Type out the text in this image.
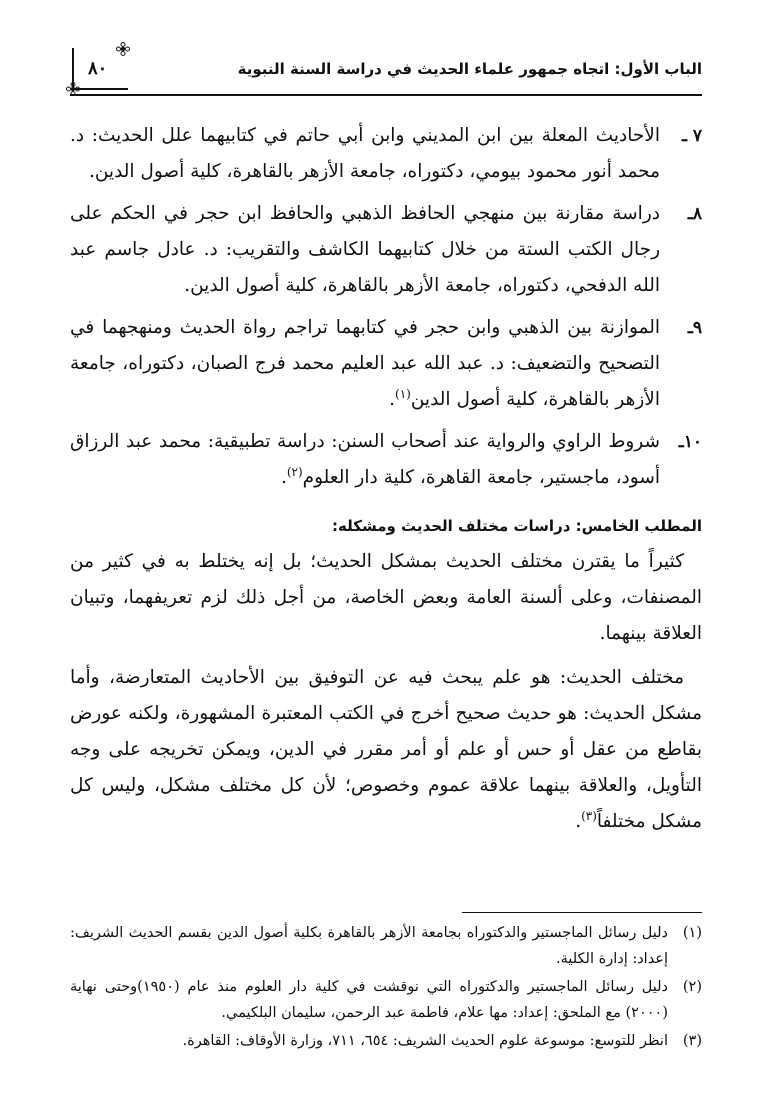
الباب الأول: اتجاه جمهور علماء الحديث في دراسة السنة النبوية
٨٠
٧ ـ
الأحاديث المعلة بين ابن المديني وابن أبي حاتم في كتابيهما علل الحديث: د. محمد أنور محمود بيومي، دكتوراه، جامعة الأزهر بالقاهرة، كلية أصول الدين.
٨ـ
دراسة مقارنة بين منهجي الحافظ الذهبي والحافظ ابن حجر في الحكم على رجال الكتب الستة من خلال كتابيهما الكاشف والتقريب: د. عادل جاسم عبد الله الدفحي، دكتوراه، جامعة الأزهر بالقاهرة، كلية أصول الدين.
٩ـ
الموازنة بين الذهبي وابن حجر في كتابهما تراجم رواة الحديث ومنهجهما في التصحيح والتضعيف: د. عبد الله عبد العليم محمد فرج الصبان، دكتوراه، جامعة الأزهر بالقاهرة، كلية أصول الدين$^{(١)}$.
١٠ـ
شروط الراوي والرواية عند أصحاب السنن: دراسة تطبيقية: محمد عبد الرزاق أسود، ماجستير، جامعة القاهرة، كلية دار العلوم$^{(٢)}$.
المطلب الخامس: دراسات مختلف الحديث ومشكله:

كثيراً ما يقترن مختلف الحديث بمشكل الحديث؛ بل إنه يختلط به في كثير من المصنفات، وعلى ألسنة العامة وبعض الخاصة، من أجل ذلك لزم تعريفهما، وتبيان العلاقة بينهما.

مختلف الحديث: هو علم يبحث فيه عن التوفيق بين الأحاديث المتعارضة، وأما مشكل الحديث: هو حديث صحيح أخرج في الكتب المعتبرة المشهورة، ولكنه عورض بقاطع من عقل أو حس أو علم أو أمر مقرر في الدين، ويمكن تخريجه على وجه التأويل، والعلاقة بينهما علاقة عموم وخصوص؛ لأن كل مختلف مشكل، وليس كل مشكل مختلفاً$^{(٣)}$.

(١)
دليل رسائل الماجستير والدكتوراه بجامعة الأزهر بالقاهرة بكلية أصول الدين بقسم الحديث الشريف: إعداد: إدارة الكلية.
(٢)
دليل رسائل الماجستير والدكتوراه التي نوقشت في كلية دار العلوم منذ عام (١٩٥٠)وحتى نهاية (٢٠٠٠) مع الملحق: إعداد: مها علام، فاطمة عبد الرحمن، سليمان البلكيمي.
(٣)
انظر للتوسع: موسوعة علوم الحديث الشريف: ٦٥٤، ٧١١، وزارة الأوقاف: القاهرة.
